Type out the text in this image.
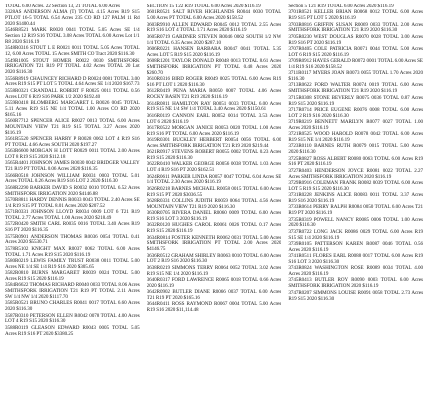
TOTAL 6.00 Acres. 22 Section 13, 21 TOTAL 6.00 Acres

3328AS ANDERSON ALMA (T) TOTAL 4.15 Acres R19 S15 PTLOT 16-5 TOTAL 6.54 Acres 235 CO RD 127 PALM 11 Rd 2020 $1400.44

3546R8521 MARK R0020 0041 TOTAL 5.05 Acres SE 1/4 Section 12 R19 S16 TOTAL 3.08 Acres TOTAL 6.00 Acres Lot 1/1 R8 2020 $116.19

3548R0316 STOUT L E R0021 0011 TOTAL 5.05 Acres TOTAL 12, 6.00 Acres TOTAL 15 Acres SMITH CO Tract 2020 $116.30

3549R1005 STOUT HOMER R0022 0030 SMITHSFORK IRRIGATION T21 R19 PT TOTAL 4.02 Acres TOTAL 20 Lot 2020 $116.30

3556R8919 CHAUNCEY RICHARD D R0024 0081 TOTAL 3.00 Acres R19 S15 PT LOT 5 TOTAL 4.64 Acres SE 1/4 2020 $167.73

3558R0321 CRANDALL ROBERT F R0025 0011 TOTAL 0.56 Acres LOT 6 R19 S16 PARK 1/2 2020 $192.40

3559R0418 BLOMBERG MARGARET L R0026 0045 TOTAL 5.11 Acres R19 S15 NE 1/4 TOTAL 1.00 Acres CO RD 2020 $165.16

3560R7712 SPENCER ALICE R0027 0013 TOTAL 6.00 Acres MOUNTAIN VIEW T21 R19 S15 TOTAL 3.27 Acres 2020 $116.19

3561R5520 SPENCER HARRY P R0028 0062 LOT 4 R19 S16 PT TOTAL 4.66 Acres SOUTH 2020 $197.27

3563R6600 MORGAN H LOTT R0029 0011 TOTAL 2.00 Acres LOT 8 R19 S15 2020 $112.18

3565R4401 JOHNSON JAMES R0030 0042 BRIDGER VALLEY T21 R19 PT TOTAL 0.06 Acres 2020 $116.35

3566R0518 JOHNSON WILLIAM R0031 0003 TOTAL 5.01 Acres TOTAL 0.26 Acres R19 S16 LOT 2 2020 $116.30

3568R2290 BARKER DAVID S R0032 0010 TOTAL 6.52 Acres SMITHSFORK IRRIGATION 2020 $4146.88

3570R8811 HARDY DENNIS R0033 0043 TOTAL 2.40 Acres SE 1/4 R19 S15 PT TOTAL 8.01 Acres 2020 $207.52

3571R0331 JOHNSON LLOYD R0034 0009 LOT 6 T21 R19 TOTAL 2.77 Acres TOTAL 1.00 Acres 2020 $218.49

3572R0420 SMITH CARL R0035 0016 TOTAL 3.40 Acres R19 S16 PT 2020 $116.35

3575R0901 ANDERSON THOMAS R0036 0054 TOTAL 0.41 Acres 2020 $5530.71

3578R5102 KNIGHT MAX R0037 0062 TOTAL 6.00 Acres TOTAL 1.71 Acres R19 S15 2020 $116.19

3580R0219 LEWIS FAMILY TRUST R0038 0011 TOTAL 5.00 Acres NE 1/4 SE 1/4 R19 S16 2020 $305.65

3582R0810 BURNS MARGARET R0039 0024 TOTAL 5.00 Acres R19 S15 2020 $116.19

3584R6622 THOMAS RICHARD R0040 0033 TOTAL 8.06 Acres SMITHSFORK IRRIGATION T21 R19 PT TOTAL 2.11 Acres SW 1/4 NW 1/4 2020 $1117.70

3585R0521 BRUNO CHARLES R0041 0017 TOTAL 6.60 Acres 2020 $116.30

3587R0310 PETERSON ELLEN R0042 0078 TOTAL 4.00 Acres LOT 4 R19 S15 2020 $116.30

3588R0119 GLEASON EDWARD R0043 0005 TOTAL 5.05 Acres R19 S16 PT 2020 $3380.25

SECTION 15 T22 R19 TOTAL 6.00 Acres 2020 $116.19

3601R0521 SALT RIVER HIGHLANDS R0044 0030 TOTAL 5.00 Acres PT TOTAL 6.00 Acres 2020 $158.52

3603R9910 ALLEN EDWARD R0045 0012 TOTAL 2.55 Acres R19 S16 LOT 4 TOTAL 1.71 Acres 2020 $116.19

3605R0719 GARDNER STEVEN R0046 0062 SOUTH 1/2 NW 1/4 TOTAL 6.35 Acres 2020 $287.10

3606R0221 HANSEN BARBARA R0047 0041 TOTAL 5.35 Acres LOT 5 R19 S15 2020 $116.19

3608R1201 TAYLOR DONALD R0048 0013 TOTAL 8.61 Acres SMITHSFORK IRRIGATION PT TOTAL 0.48 Acres 2020 $260.70

3610R0316 BIRD ROGER R0049 0025 TOTAL 6.00 Acres R19 S16 PT LOT 1 2020 $116.30

3612R0419 PENA MARIA R0050 0007 TOTAL 4.06 Acres ROCKY BASIN T21 R19 2020 $116.19

3614R0811 HAMILTON RAY R0051 0033 TOTAL 6.00 Acres R19 S15 NE 1/4 SW 1/4 TOTAL 3.40 Acres 2020 $1150.61

3616R0119 CANNON EARL R0052 0014 TOTAL 3.53 Acres LOT 6 2020 $116.19

3617R0522 MORGAN JANICE R0053 0020 TOTAL 1.00 Acres R19 S16 PT TOTAL 6.00 Acres 2020 $116.19

3619R0301 BUCKLEY HERBERT R0054 0056 TOTAL 6.00 Acres SMITHSFORK IRRIGATION T21 R19 2020 $219.44

3621R0917 STEVENS ROBERT R0055 0002 TOTAL 0.23 Acres R19 S15 2020 $116.30

3622R0410 WALKER GEORGE R0056 0038 TOTAL 1.03 Acres LOT 4 R19 S16 PT 2020 $162.51

3624R0611 PARKER LINDA R0057 0047 TOTAL 6.04 Acres SE 1/4 TOTAL 2.30 Acres 2020 $116.19

3626R0218 BARNES MICHAEL R0058 0015 TOTAL 6.00 Acres R19 S15 PT 2020 $3036.55

3628R0331 COLLINS JUDITH R0059 0064 TOTAL 4.56 Acres MOUNTAIN VIEW T21 R19 2020 $116.30

3630R0705 RIVERA DANIEL R0060 0009 TOTAL 6.00 Acres R19 S16 LOT 3 2020 $116.19

3632R0120 HUGHES CAROL R0061 0026 TOTAL 0.17 Acres R19 S15 2020 $116.19

3634R0814 FOSTER KENNETH R0062 0031 TOTAL 5.00 Acres SMITHSFORK IRRIGATION PT TOTAL 2.00 Acres 2020 $4146.75

3636R0512 GRAHAM SHIRLEY R0063 0010 TOTAL 6.00 Acres LOT 2 R19 S16 2020 $116.30

3638R0219 SIMMONS TERRY R0064 0052 TOTAL 3.02 Acres R19 S15 NE 1/4 2020 $116.19

3640R0317 FORD LAWRENCE R0065 0018 TOTAL 0.66 Acres 2020 $116.19

3642R0902 BUTLER DIANE R0066 0037 TOTAL 6.00 Acres T21 R19 PT 2020 $165.16

3644R0411 ROSS RAYMOND R0067 0004 TOTAL 5.00 Acres R19 S16 2020 $11,114.48

Section 5 T21 R19 TOTAL 6.00 Acres 2020 $116.19

3701R0521 KELLER BRIAN R0068 0012 TOTAL 6.00 Acres R19 S15 PT LOT 5 2020 $116.19

3703R0816 GRIFFIN SUSAN R0069 0033 TOTAL 2.00 Acres SMITHSFORK IRRIGATION T21 R19 2020 $116.30

3705R0230 WEST DOUGLAS R0070 0028 TOTAL 3.00 Acres R19 S16 PT 2020 $116.19

3707R0405 COLE PATRICIA R0071 0044 TOTAL 5.00 Acres LOT 6 R19 S15 2020 $116.19

3709R0912 HAYES GERALD R0072 0001 TOTAL 6.00 Acres SE 1/4 R19 S16 2020 $158.52

3711R0117 MYERS JOAN R0073 0055 TOTAL 1.70 Acres 2020 $116.30

3713R0622 FORD WALTER R0074 0019 TOTAL 6.00 Acres SMITHSFORK IRRIGATION T21 R19 2020 $116.19

3715R0308 STONE BEVERLY R0075 0036 TOTAL 0.87 Acres R19 S15 2020 $116.19

3717R0714 PRICE EUGENE R0076 0008 TOTAL 6.00 Acres LOT 2 R19 S16 2020 $116.30

3719R0219 BENNETT MARILYN R0077 0027 TOTAL 1.00 Acres 2020 $116.19

3721R0525 WOOD HAROLD R0078 0042 TOTAL 6.00 Acres R19 S15 NE 1/4 2020 $116.19

3723R0110 BARNES RUTH R0079 0015 TOTAL 5.00 Acres 2020 $116.30

3725R0827 ROSS ALBERT R0080 0063 TOTAL 6.00 Acres R19 S16 PT 2020 $116.19

3727R0403 HENDERSON JOYCE R0081 0022 TOTAL 2.27 Acres SMITHSFORK IRRIGATION 2020 $116.19

3729R0916 COLEMAN FRANK R0082 0039 TOTAL 6.00 Acres LOT 5 R19 S15 2020 $116.30

3731R0228 JENKINS ALICE R0083 0011 TOTAL 3.37 Acres R19 S16 2020 $116.19

3733R0614 PERRY RALPH R0084 0050 TOTAL 6.00 Acres T21 R19 PT 2020 $116.19

3735R0319 POWELL NANCY R0085 0006 TOTAL 1.00 Acres 2020 $116.30

3737R0722 LONG JACK R0086 0029 TOTAL 6.00 Acres R19 S15 SE 1/4 2020 $116.19

3739R0105 PATTERSON KAREN R0087 0046 TOTAL 0.56 Acres 2020 $116.19

3741R0511 FLORES EARL R0088 0017 TOTAL 6.00 Acres R19 S16 LOT 3 2020 $116.30

3743R0824 WASHINGTON ROSE R0089 0034 TOTAL 4.00 Acres 2020 $116.19

3745R0413 BUTLER ROY R0090 0003 TOTAL 6.00 Acres SMITHSFORK IRRIGATION 2020 $116.19

3747R0207 SIMMONS LOUISE R0091 0058 TOTAL 2.73 Acres R19 S15 2020 $116.30
